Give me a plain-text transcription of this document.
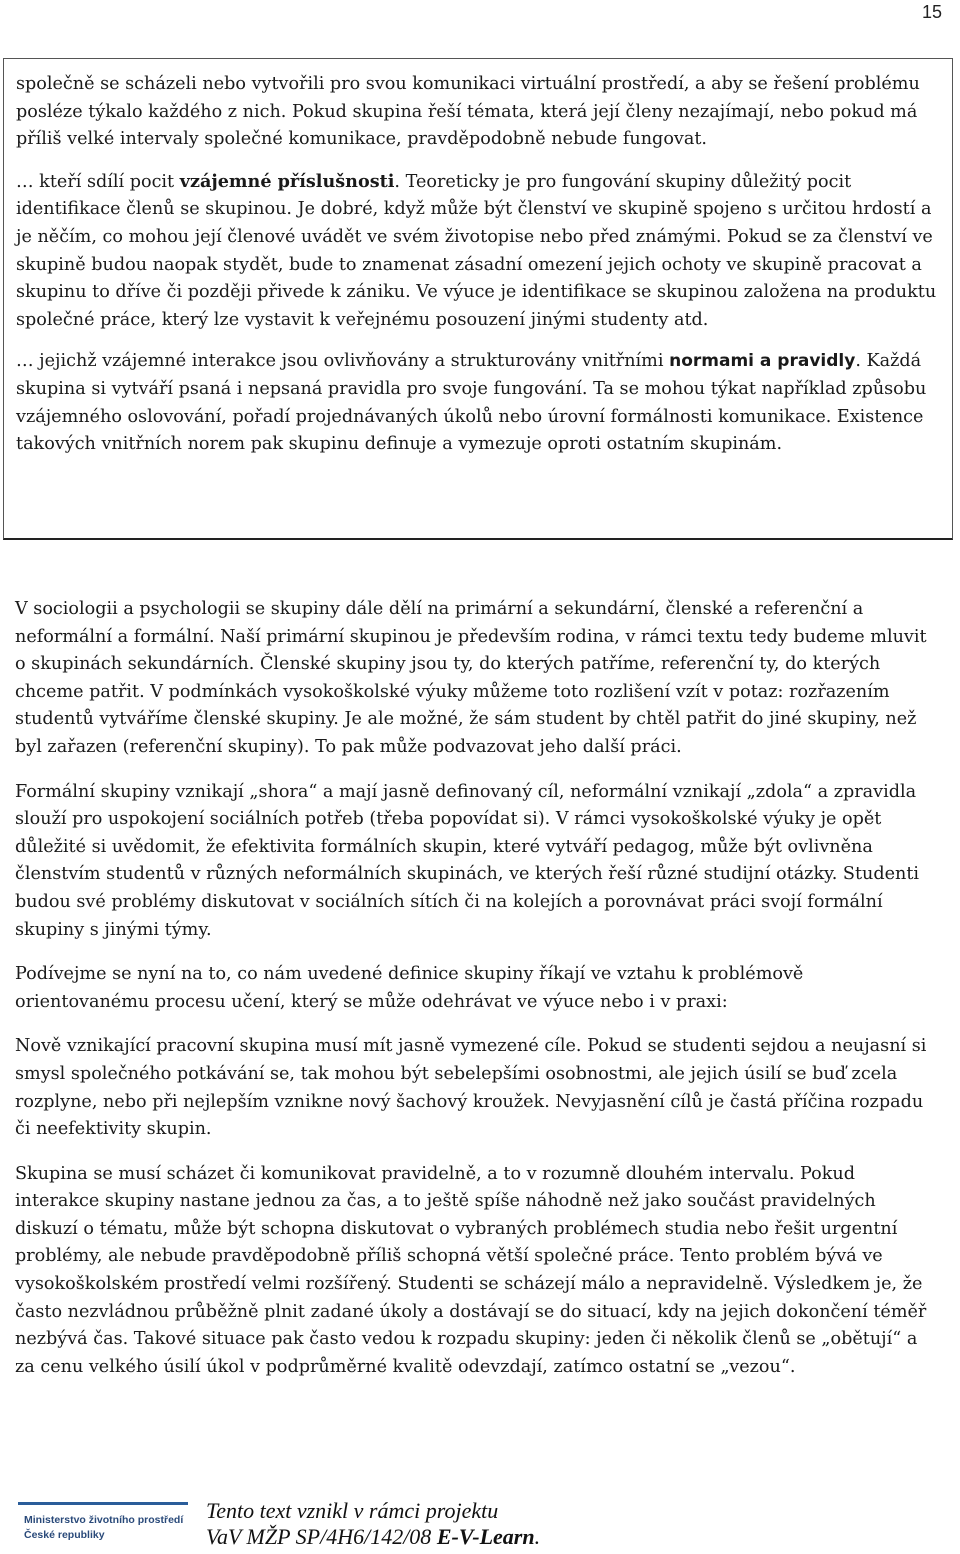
15

společně se scházeli nebo vytvořili pro svou komunikaci virtuální prostředí, a aby se řešení problému posléze týkalo každého z nich. Pokud skupina řeší témata, která její členy nezajímají, nebo pokud má příliš velké intervaly společné komunikace, pravděpodobně nebude fungovat.

… kteří sdílí pocit vzájemné příslušnosti. Teoreticky je pro fungování skupiny důležitý pocit identifikace členů se skupinou. Je dobré, když může být členství ve skupině spojeno s určitou hrdostí a je něčím, co mohou její členové uvádět ve svém životopise nebo před známými. Pokud se za členství ve skupině budou naopak stydět, bude to znamenat zásadní omezení jejich ochoty ve skupině pracovat a skupinu to dříve či později přivede k zániku. Ve výuce je identifikace se skupinou založena na produktu společné práce, který lze vystavit k veřejnému posouzení jinými studenty atd.

… jejichž vzájemné interakce jsou ovlivňovány a strukturovány vnitřními normami a pravidly. Každá skupina si vytváří psaná i nepsaná pravidla pro svoje fungování. Ta se mohou týkat například způsobu vzájemného oslovování, pořadí projednávaných úkolů nebo úrovní formálnosti komunikace. Existence takových vnitřních norem pak skupinu definuje a vymezuje oproti ostatním skupinám.

V sociologii a psychologii se skupiny dále dělí na primární a sekundární, členské a referenční a neformální a formální. Naší primární skupinou je především rodina, v rámci textu tedy budeme mluvit o skupinách sekundárních. Členské skupiny jsou ty, do kterých patříme, referenční ty, do kterých chceme patřit. V podmínkách vysokoškolské výuky můžeme toto rozlišení vzít v potaz: rozřazením studentů vytváříme členské skupiny. Je ale možné, že sám student by chtěl patřit do jiné skupiny, než byl zařazen (referenční skupiny). To pak může podvazovat jeho další práci.

Formální skupiny vznikají „shora“ a mají jasně definovaný cíl, neformální vznikají „zdola“ a zpravidla slouží pro uspokojení sociálních potřeb (třeba popovídat si). V rámci vysokoškolské výuky je opět důležité si uvědomit, že efektivita formálních skupin, které vytváří pedagog, může být ovlivněna členstvím studentů v různých neformálních skupinách, ve kterých řeší různé studijní otázky. Studenti budou své problémy diskutovat v sociálních sítích či na kolejích a porovnávat práci svojí formální skupiny s jinými týmy.

Podívejme se nyní na to, co nám uvedené definice skupiny říkají ve vztahu k problémově orientovanému procesu učení, který se může odehrávat ve výuce nebo i v praxi:

Nově vznikající pracovní skupina musí mít jasně vymezené cíle. Pokud se studenti sejdou a neujasní si smysl společného potkávání se, tak mohou být sebelepšími osobnostmi, ale jejich úsilí se buď zcela rozplyne, nebo při nejlepším vznikne nový šachový kroužek. Nevyjasnění cílů je častá příčina rozpadu či neefektivity skupin.

Skupina se musí scházet či komunikovat pravidelně, a to v rozumně dlouhém intervalu. Pokud interakce skupiny nastane jednou za čas, a to ještě spíše náhodně než jako součást pravidelných diskuzí o tématu, může být schopna diskutovat o vybraných problémech studia nebo řešit urgentní problémy, ale nebude pravděpodobně příliš schopná větší společné práce. Tento problém bývá ve vysokoškolském prostředí velmi rozšířený. Studenti se scházejí málo a nepravidelně. Výsledkem je, že často nezvládnou průběžně plnit zadané úkoly a dostávají se do situací, kdy na jejich dokončení téměř nezbývá čas. Takové situace pak často vedou k rozpadu skupiny: jeden či několik členů se „obětují“ a za cenu velkého úsilí úkol v podprůměrné kvalitě odevzdají, zatímco ostatní se „vezou“.

Ministerstvo životního prostředí
České republiky
Tento text vznikl v rámci projektu
VaV MŽP SP/4H6/142/08 E-V-Learn.
